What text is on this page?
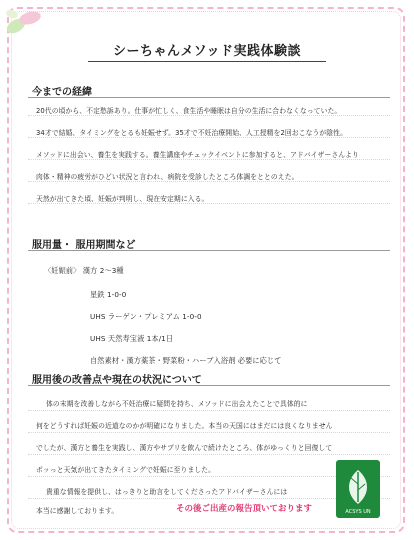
シーちゃんメソッド実践体験談
今までの経緯
20代の頃から、不定愁訴あり。仕事が忙しく、食生活や睡眠は自分の生活に合わなくなっていた。
34才で結婚、タイミングをとるも妊娠せず。35才で不妊治療開始、人工授精を2回おこなうが陰性。
メソッドに出会い、養生を実践する。養生講座やチェックイベントに参加すると、アドバイザーさんより
肉体・精神の疲労がひどい状況と言われ、病院を受診したところ体調をととのえた。
天然が出てきた頃、妊娠が判明し、現在安定期に入る。
服用量・ 服用期間など
〈妊娠前〉 漢方 2〜3種
星鉄 1-0-0
UHS ラーゲン・プレミアム 1-0-0
UHS 天然寿宝液 1本/1日
自然素材・漢方薬茶・野菜粉・ハーブ入浴剤 必要に応じて
服用後の改善点や現在の状況について
体の末期を改善しながら不妊治療に疑問を持ち、メソッドに出会えたことで具体的に
何をどうすれば妊娠の近道なのかが明確になりました。本当の天国にはまだには良くなりません
でしたが、漢方と養生を実践し、漢方やサプリを飲んで続けたところ、体がゆっくりと回復して
ポッっと天気が出てきたタイミングで妊娠に至りました。
貴重な情報を提供し、はっきりと助言をしてくださったアドバイザーさんには
本当に感謝しております。	その後ご出産の報告頂いております	ACSYS UN
